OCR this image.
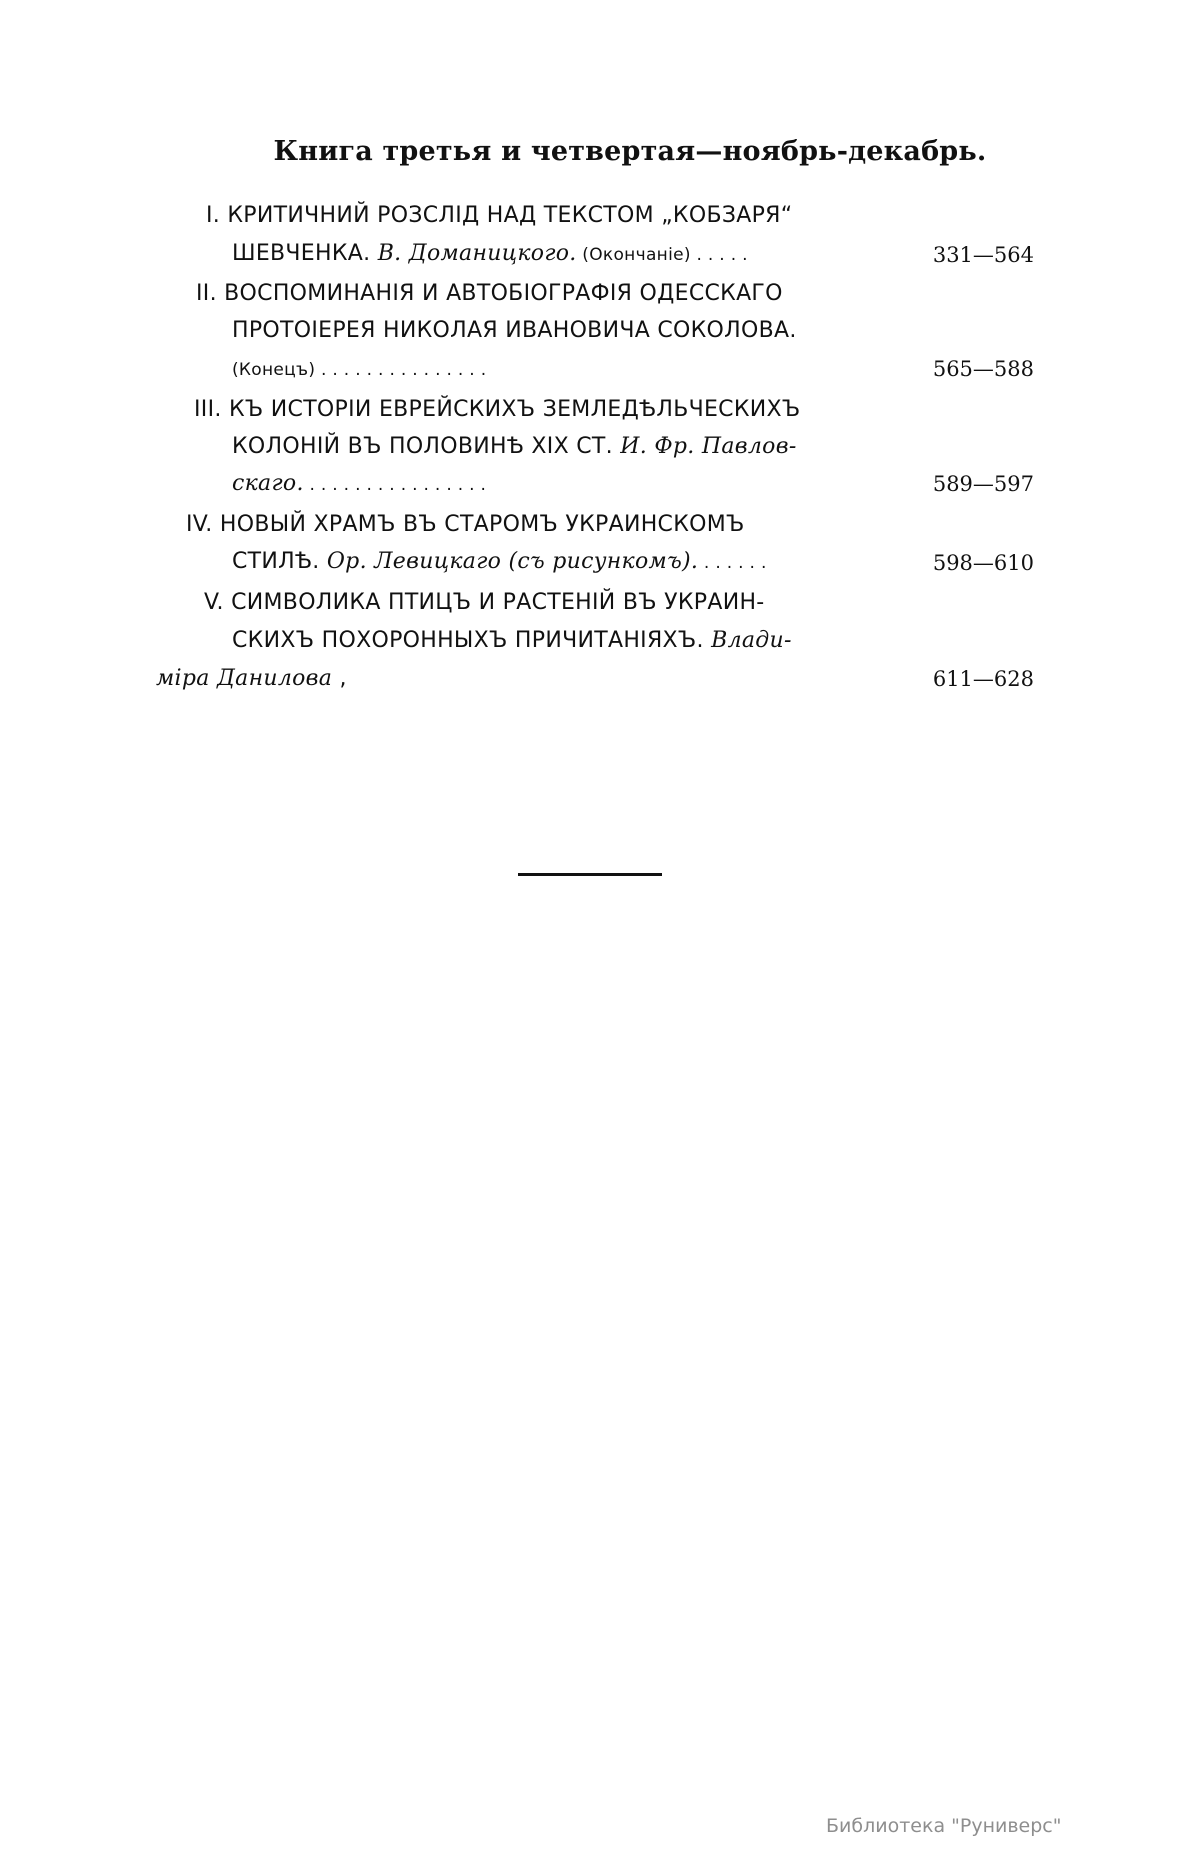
Книга третья и четвертая—ноябрь-декабрь.
I. КРИТИЧНИЙ РОЗСЛІД НАД ТЕКСТОМ „КОБЗАРЯ“
ШЕВЧЕНКА. В. Доманицкого. (Окончаніе) . . . . .	331—564
II. ВОСПОМИНАНІЯ И АВТОБІОГРАФІЯ ОДЕССКАГО
ПРОТОІЕРЕЯ НИКОЛАЯ ИВАНОВИЧА СОКОЛОВА.
(Конецъ) . . . . . . . . . . . . . . .	565—588
III. КЪ ИСТОРІИ ЕВРЕЙСКИХЪ ЗЕМЛЕДѢЛЬЧЕСКИХЪ
КОЛОНІЙ ВЪ ПОЛОВИНѢ XIX СТ. И. Фр. Павлов-
скаго. . . . . . . . . . . . . . . . .	589—597
IV. НОВЫЙ ХРАМЪ ВЪ СТАРОМЪ УКРАИНСКОМЪ
СТИЛѢ. Ор. Левицкаго (съ рисункомъ). . . . . . .	598—610
V. СИМВОЛИКА ПТИЦЪ И РАСТЕНІЙ ВЪ УКРАИН-
СКИХЪ ПОХОРОННЫХЪ ПРИЧИТАНІЯХЪ. Влади-
міра Данилова ,	611—628
Библиотека "Руниверс"
